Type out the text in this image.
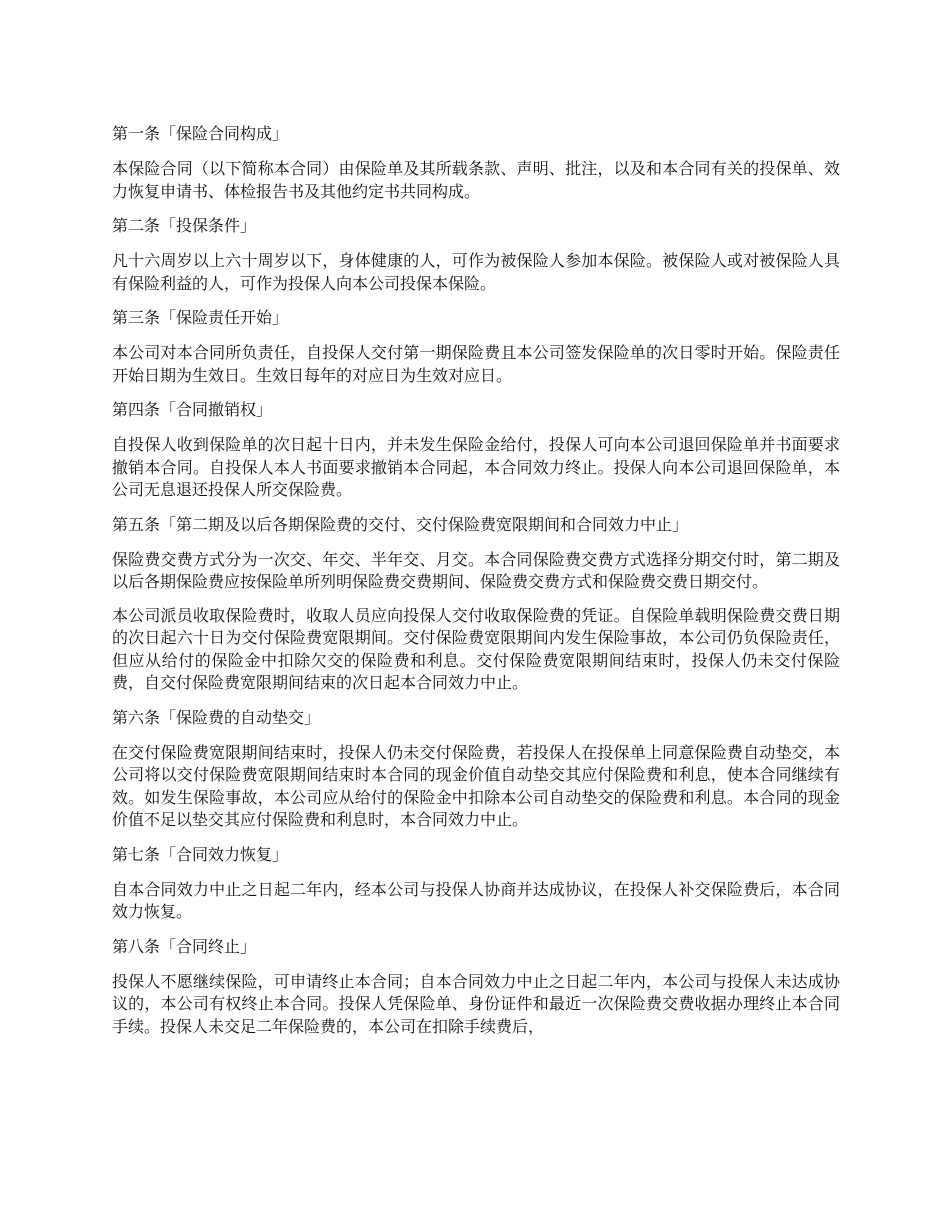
第一条「保险合同构成」

本保险合同（以下简称本合同）由保险单及其所载条款、声明、批注，以及和本合同有关的投保单、效力恢复申请书、体检报告书及其他约定书共同构成。

第二条「投保条件」

凡十六周岁以上六十周岁以下，身体健康的人，可作为被保险人参加本保险。被保险人或对被保险人具有保险利益的人，可作为投保人向本公司投保本保险。

第三条「保险责任开始」

本公司对本合同所负责任，自投保人交付第一期保险费且本公司签发保险单的次日零时开始。保险责任开始日期为生效日。生效日每年的对应日为生效对应日。

第四条「合同撤销权」

自投保人收到保险单的次日起十日内，并未发生保险金给付，投保人可向本公司退回保险单并书面要求撤销本合同。自投保人本人书面要求撤销本合同起，本合同效力终止。投保人向本公司退回保险单，本公司无息退还投保人所交保险费。

第五条「第二期及以后各期保险费的交付、交付保险费宽限期间和合同效力中止」

保险费交费方式分为一次交、年交、半年交、月交。本合同保险费交费方式选择分期交付时，第二期及以后各期保险费应按保险单所列明保险费交费期间、保险费交费方式和保险费交费日期交付。

本公司派员收取保险费时，收取人员应向投保人交付收取保险费的凭证。自保险单载明保险费交费日期的次日起六十日为交付保险费宽限期间。交付保险费宽限期间内发生保险事故，本公司仍负保险责任，但应从给付的保险金中扣除欠交的保险费和利息。交付保险费宽限期间结束时，投保人仍未交付保险费，自交付保险费宽限期间结束的次日起本合同效力中止。

第六条「保险费的自动垫交」

在交付保险费宽限期间结束时，投保人仍未交付保险费，若投保人在投保单上同意保险费自动垫交，本公司将以交付保险费宽限期间结束时本合同的现金价值自动垫交其应付保险费和利息，使本合同继续有效。如发生保险事故，本公司应从给付的保险金中扣除本公司自动垫交的保险费和利息。本合同的现金价值不足以垫交其应付保险费和利息时，本合同效力中止。

第七条「合同效力恢复」

自本合同效力中止之日起二年内，经本公司与投保人协商并达成协议，在投保人补交保险费后，本合同效力恢复。

第八条「合同终止」

投保人不愿继续保险，可申请终止本合同；自本合同效力中止之日起二年内，本公司与投保人未达成协议的，本公司有权终止本合同。投保人凭保险单、身份证件和最近一次保险费交费收据办理终止本合同手续。投保人未交足二年保险费的，本公司在扣除手续费后，
